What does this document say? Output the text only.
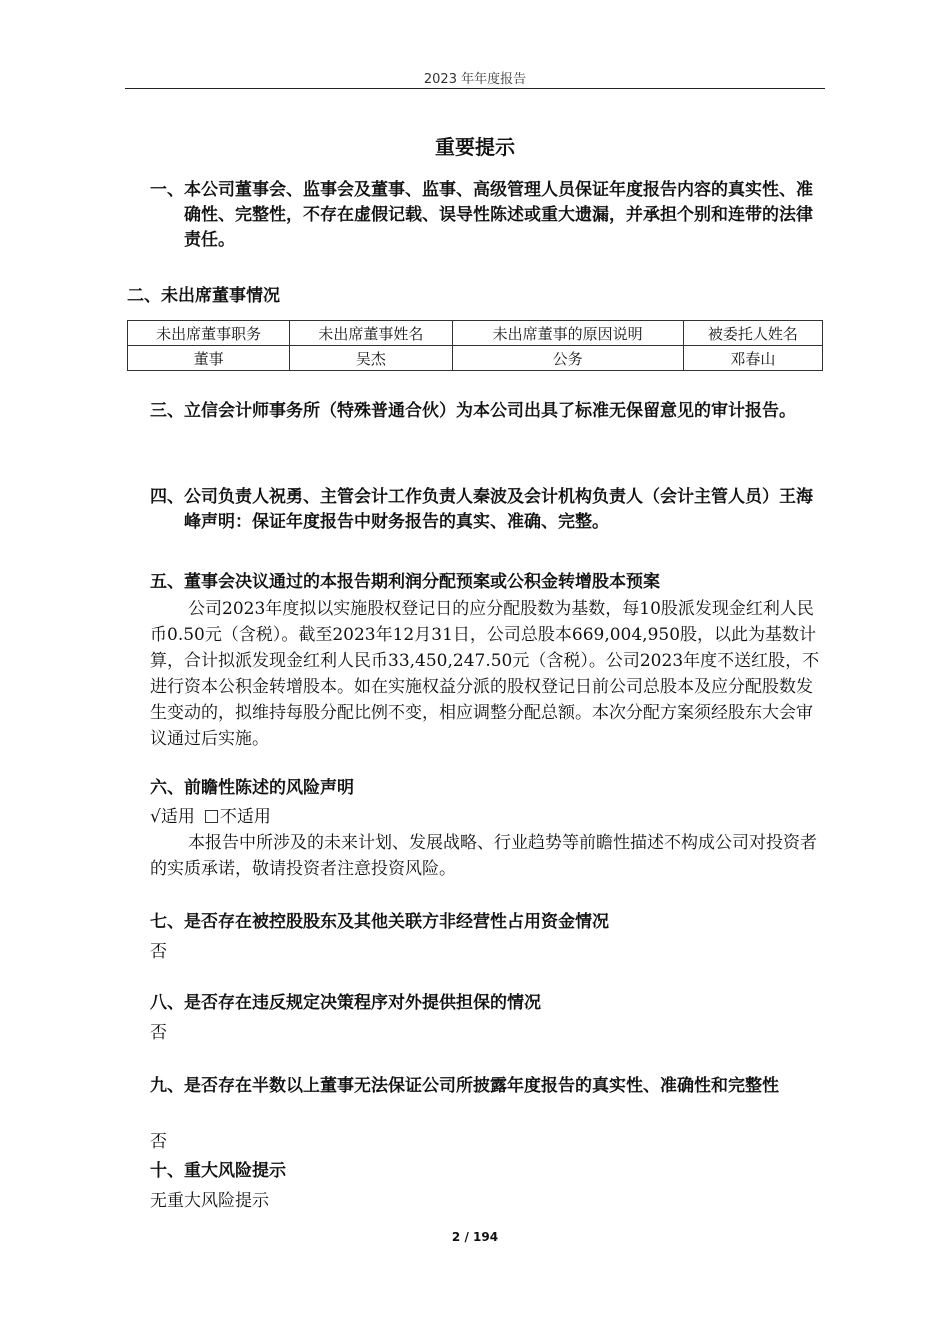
2023 年年度报告
重要提示
一、 本公司董事会、监事会及董事、监事、高级管理人员保证年度报告内容的真实性、准确性、完整性，不存在虚假记载、误导性陈述或重大遗漏，并承担个别和连带的法律责任。
二、未出席董事情况
未出席董事职务	未出席董事姓名	未出席董事的原因说明	被委托人姓名
董事	吴杰	公务	邓春山
三、 立信会计师事务所（特殊普通合伙）为本公司出具了标准无保留意见的审计报告。
四、 公司负责人祝勇、主管会计工作负责人秦波及会计机构负责人（会计主管人员）王海峰声明：保证年度报告中财务报告的真实、准确、完整。
五、 董事会决议通过的本报告期利润分配预案或公积金转增股本预案
公司2023年度拟以实施股权登记日的应分配股数为基数，每10股派发现金红利人民币0.50元（含税）。截至2023年12月31日，公司总股本669,004,950股，以此为基数计算，合计拟派发现金红利人民币33,450,247.50元（含税）。公司2023年度不送红股，不进行资本公积金转增股本。如在实施权益分派的股权登记日前公司总股本及应分配股数发生变动的，拟维持每股分配比例不变，相应调整分配总额。本次分配方案须经股东大会审议通过后实施。
六、 前瞻性陈述的风险声明
√适用 不适用
本报告中所涉及的未来计划、发展战略、行业趋势等前瞻性描述不构成公司对投资者的实质承诺，敬请投资者注意投资风险。
七、 是否存在被控股股东及其他关联方非经营性占用资金情况
否
八、 是否存在违反规定决策程序对外提供担保的情况
否
九、 是否存在半数以上董事无法保证公司所披露年度报告的真实性、准确性和完整性
否
十、 重大风险提示
无重大风险提示
2 / 194
